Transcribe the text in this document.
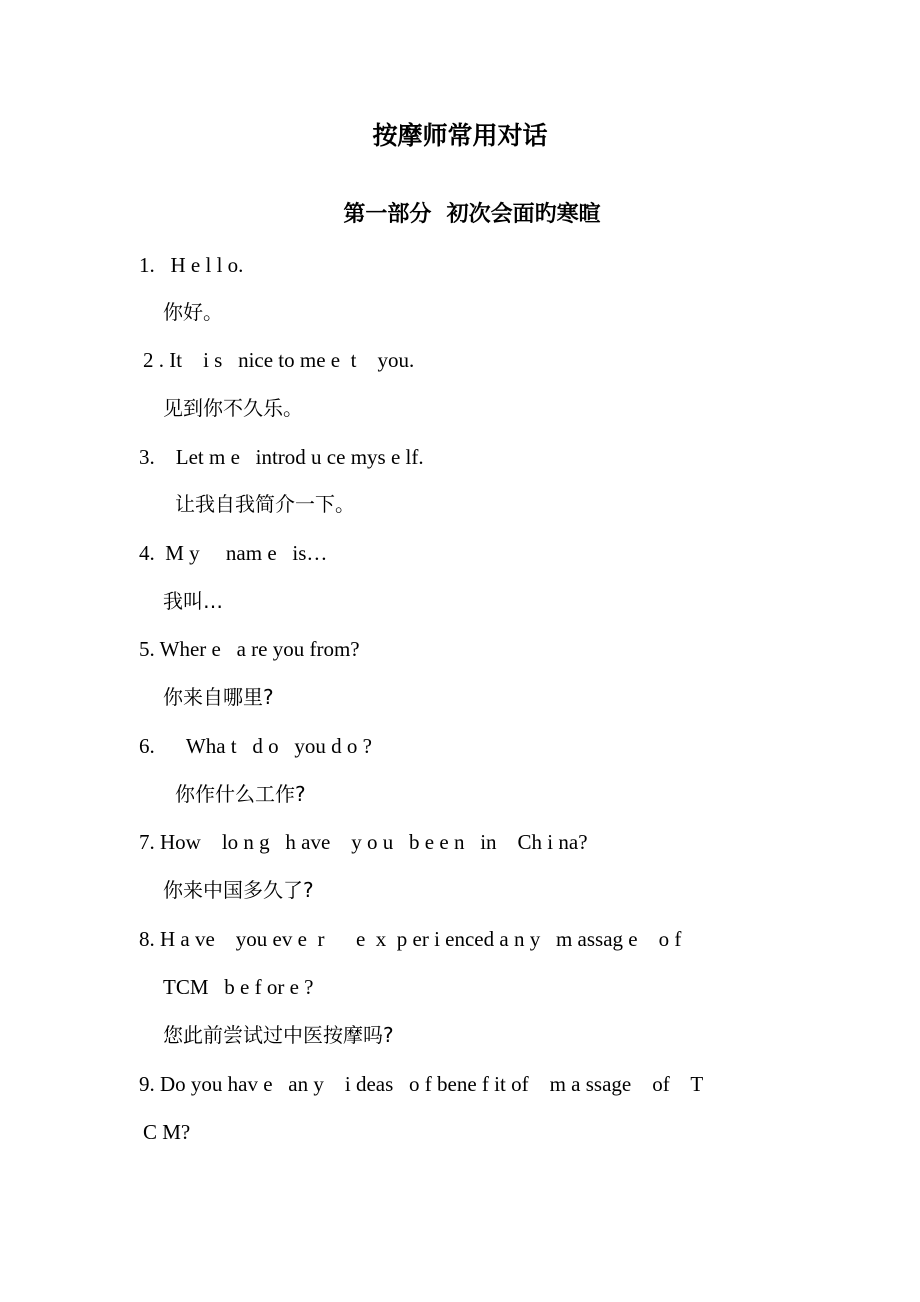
按摩师常用对话
第一部分  初次会面旳寒暄

1.   H e l l o.

你好。

2 . It    i s   nice to me e  t    you.

见到你不久乐。

3.    Let m e   introd u ce mys e lf.

让我自我简介一下。

4.  M y     nam e   is…

我叫…

5. Wher e   a re you from?

你来自哪里?

6.      Wha t   d o   you d o ?

你作什么工作?

7. How    lo n g   h ave    y o u   b e e n   in    Ch i na?

你来中国多久了?

8. H a ve    you ev e  r      e  x  p er i enced a n y   m assag e    o f

TCM   b e f or e ?

您此前尝试过中医按摩吗?

9. Do you hav e   an y    i deas   o f bene f it of    m a ssage    of    T

C M?
